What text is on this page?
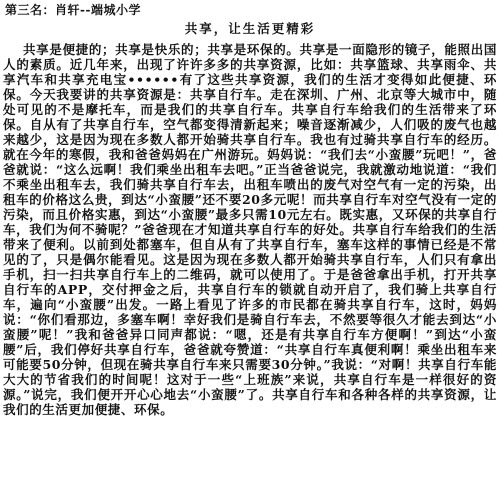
第三名：肖轩--端城小学
共享，让生活更精彩

共享是便捷的；共享是快乐的；共享是环保的。共享是一面隐形的镜子，能照出国人的素质。近几年来，出现了许许多多的共享资源，比如：共享篮球、共享雨伞、共享汽车和共享充电宝••••••有了这些共享资源，我们的生活才变得如此便捷、环保。今天我要讲的共享资源是：共享自行车。走在深圳、广州、北京等大城市中，随处可见的不是摩托车，而是我们的共享自行车。共享自行车给我们的生活带来了环保。自从有了共享自行车，空气都变得清新起来；噪音逐渐减少，人们吸的废气也越来越少，这是因为现在多数人都开始骑共享自行车。我也有过骑共享自行车的经历。就在今年的寒假，我和爸爸妈妈在广州游玩。妈妈说：“我们去“小蛮腰”玩吧！”，爸爸就说：“这么远啊！我们乘坐出租车去吧。”正当爸爸说完，我就激动地说道：“我们不乘坐出租车去，我们骑共享自行车去，出租车喷出的废气对空气有一定的污染，出租车的价格这么贵，到达“小蛮腰”还不要20多元呢！而共享自行车对空气没有一定的污染，而且价格实惠，到达“小蛮腰”最多只需10元左右。既实惠，又环保的共享自行车，我们为何不骑呢？”爸爸现在才知道共享自行车的好处。共享自行车给我们的生活带来了便利。以前到处都塞车，但自从有了共享自行车，塞车这样的事情已经是不常见的了，只是偶尔能看见。这是因为现在多数人都开始骑共享自行车，人们只有拿出手机，扫一扫共享自行车上的二维码，就可以使用了。于是爸爸拿出手机，打开共享自行车的APP，交付押金之后，共享自行车的锁就自动开启了，我们骑上共享自行车，遍向“小蛮腰”出发。一路上看见了许多的市民都在骑共享自行车，这时，妈妈说：“你们看那边，多塞车啊！幸好我们是骑自行车去，不然要等很久才能去到达“小蛮腰”呢！”我和爸爸异口同声都说：“嗯，还是有共享自行车方便啊！”到达“小蛮腰”后，我们停好共享自行车，爸爸就夸赞道：“共享自行车真便利啊！乘坐出租车来可能要50分钟，但现在骑共享自行车来只需要30分钟。”我说：“对啊！共享自行车能大大的节省我们的时间呢！这对于一些“上班族”来说，共享自行车是一样很好的资源。”说完，我们便开开心心地去“小蛮腰”了。共享自行车和各种各样的共享资源，让我们的生活更加便捷、环保。
